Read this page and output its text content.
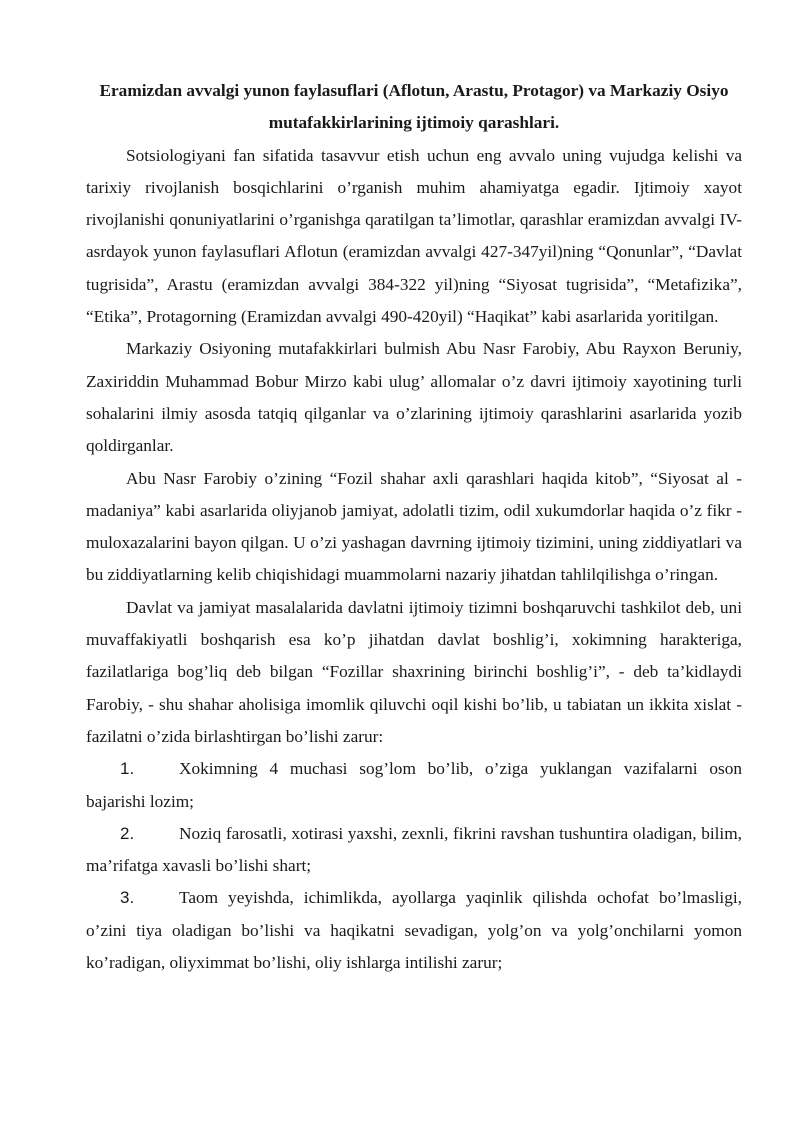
Eramizdan avvalgi yunon faylasuflari (Aflotun, Arastu, Protagor) va Markaziy Osiyo mutafakkirlarining ijtimoiy qarashlari.

Sotsiologiyani fan sifatida tasavvur etish uchun eng avvalo uning vujudga kelishi va tarixiy rivojlanish bosqichlarini o’rganish muhim ahamiyatga egadir. Ijtimoiy xayot rivojlanishi qonuniyatlarini o’rganishga qaratilgan ta’limotlar, qarashlar eramizdan avvalgi IV-asrdayok yunon faylasuflari Aflotun (eramizdan avvalgi 427-347yil)ning “Qonunlar”, “Davlat tugrisida”, Arastu (eramizdan avvalgi 384-322 yil)ning “Siyosat tugrisida”, “Metafizika”, “Etika”, Protagorning (Eramizdan avvalgi 490-420yil) “Haqikat” kabi asarlarida yoritilgan.

Markaziy Osiyoning mutafakkirlari bulmish Abu Nasr Farobiy, Abu Rayxon Beruniy, Zaxiriddin Muhammad Bobur Mirzo kabi ulug’ allomalar o’z davri ijtimoiy xayotining turli sohalarini ilmiy asosda tatqiq qilganlar va o’zlarining ijtimoiy qarashlarini asarlarida yozib qoldirganlar.

Abu Nasr Farobiy o’zining “Fozil shahar axli qarashlari haqida kitob”, “Siyosat al - madaniya” kabi asarlarida oliyjanob jamiyat, adolatli tizim, odil xukumdorlar haqida o’z fikr -muloxazalarini bayon qilgan. U o’zi yashagan davrning ijtimoiy tizimini, uning ziddiyatlari va bu ziddiyatlarning kelib chiqishidagi muammolarni nazariy jihatdan tahlilqilishga o’ringan.

Davlat va jamiyat masalalarida davlatni ijtimoiy tizimni boshqaruvchi tashkilot deb, uni muvaffakiyatli boshqarish esa ko’p jihatdan davlat boshlig’i, xokimning harakteriga, fazilatlariga bog’liq deb bilgan “Fozillar shaxrining birinchi boshlig’i”, - deb ta’kidlaydi Farobiy, - shu shahar aholisiga imomlik qiluvchi oqil kishi bo’lib, u tabiatan un ikkita xislat - fazilatni o’zida birlashtirgan bo’lishi zarur:

1.	Xokimning 4 muchasi sog’lom bo’lib, o’ziga yuklangan vazifalarni oson bajarishi lozim;

2.	Noziq farosatli, xotirasi yaxshi, zexnli, fikrini ravshan tushuntira oladigan, bilim, ma’rifatga xavasli bo’lishi shart;

3.	Taom yeyishda, ichimlikda, ayollarga yaqinlik qilishda ochofat bo’lmasligi, o’zini tiya oladigan bo’lishi va haqikatni sevadigan, yolg’on va yolg’onchilarni yomon ko’radigan, oliyximmat bo’lishi, oliy ishlarga intilishi zarur;
